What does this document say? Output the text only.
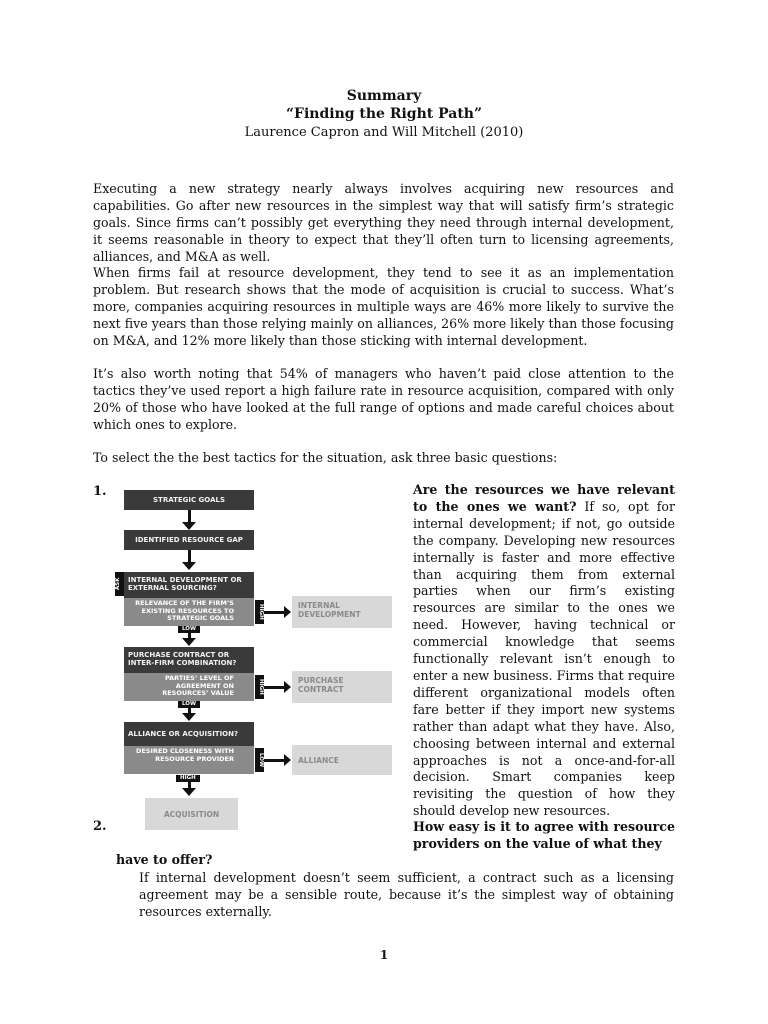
Summary
“Finding the Right Path”
Laurence Capron and Will Mitchell (2010)

Executing a new strategy nearly always involves acquiring new resources and capabilities. Go after new resources in the simplest way that will satisfy firm’s strategic goals. Since firms can’t possibly get everything they need through internal development, it seems reasonable in theory to expect that they’ll often turn to licensing agreements, alliances, and M&A as well.

When firms fail at resource development, they tend to see it as an implementation problem. But research shows that the mode of acquisition is crucial to success. What’s more, companies acquiring resources in multiple ways are 46% more likely to survive the next five years than those relying mainly on alliances, 26% more likely than those focusing on M&A, and 12% more likely than those sticking with internal development.

It’s also worth noting that 54% of managers who haven’t paid close attention to the tactics they’ve used report a high failure rate in resource acquisition, compared with only 20% of those who have looked at the full range of options and made careful choices about which ones to explore.

To select the the best tactics for the situation, ask three basic questions:

1.
STRATEGIC GOALS
IDENTIFIED RESOURCE GAP
ASK	INTERNAL DEVELOPMENT OR EXTERNAL SOURCING?
RELEVANCE OF THE FIRM’S EXISTING RESOURCES TO STRATEGIC GOALS	HIGH	INTERNAL DEVELOPMENT
LOW
PURCHASE CONTRACT OR INTER-FIRM COMBINATION?
PARTIES’ LEVEL OF AGREEMENT ON RESOURCES’ VALUE	HIGH	PURCHASE CONTRACT
LOW
ALLIANCE OR ACQUISITION?
DESIRED CLOSENESS WITH RESOURCE PROVIDER	LOW	ALLIANCE
HIGH
ACQUISITION

Are the resources we have relevant to the ones we want? If so, opt for internal development; if not, go outside the company. Developing new resources internally is faster and more effective than acquiring them from external parties when our firm’s existing resources are similar to the ones we need. However, having technical or commercial knowledge that seems functionally relevant isn’t enough to enter a new business. Firms that require different organizational models often fare better if they import new systems rather than adapt what they have. Also, choosing between internal and external approaches is not a once-and-for-all decision. Smart companies keep revisiting the question of how they should develop new resources.

2.	How easy is it to agree with resource providers on the value of what they

have to offer?

If internal development doesn’t seem sufficient, a contract such as a licensing agreement may be a sensible route, because it’s the simplest way of obtaining resources externally.

1
